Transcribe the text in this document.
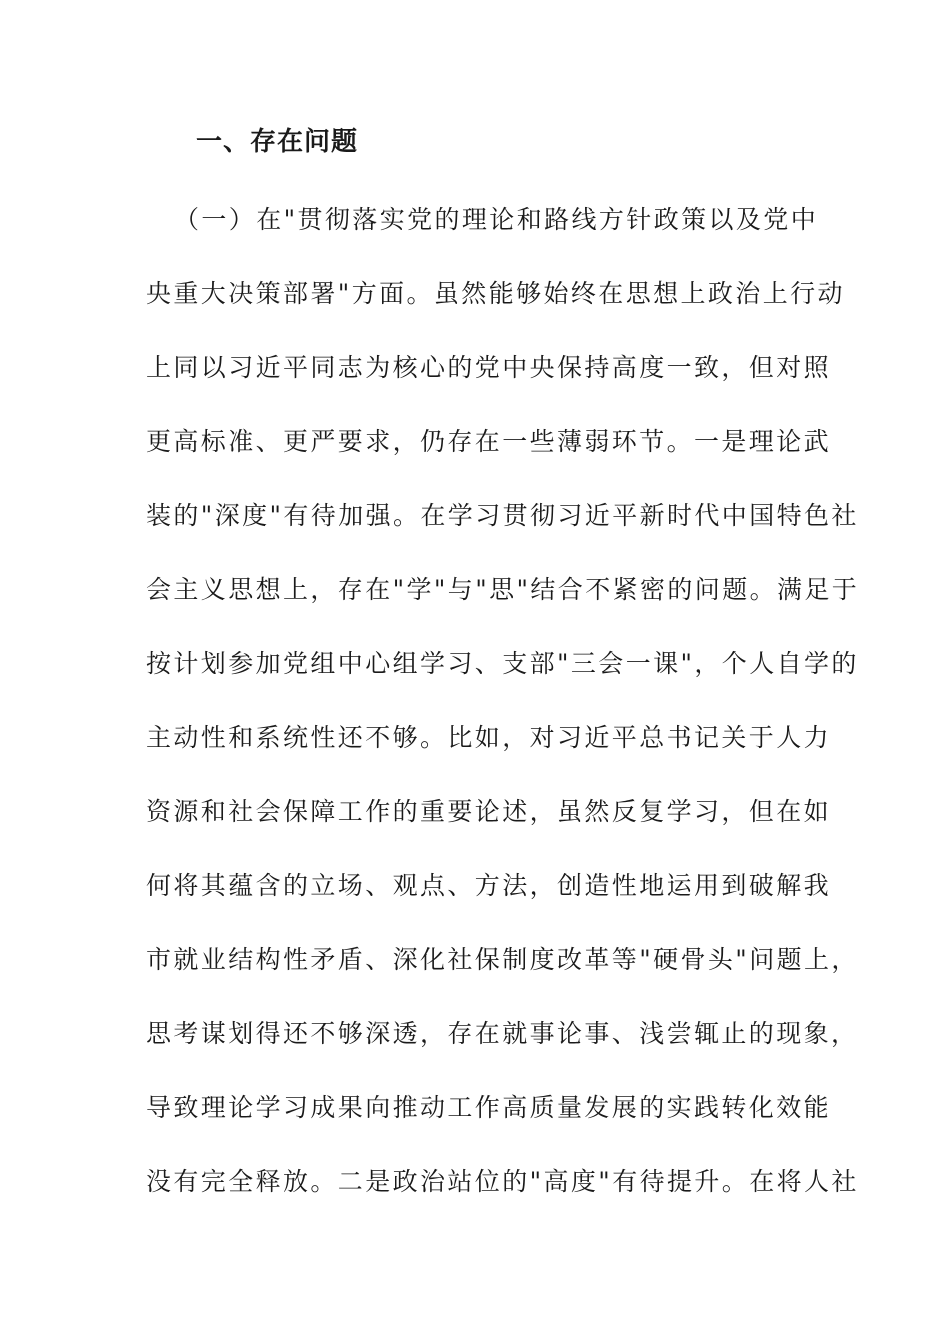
一、存在问题
（一）在"贯彻落实党的理论和路线方针政策以及党中
央重大决策部署"方面。虽然能够始终在思想上政治上行动
上同以习近平同志为核心的党中央保持高度一致，但对照
更高标准、更严要求，仍存在一些薄弱环节。一是理论武
装的"深度"有待加强。在学习贯彻习近平新时代中国特色社
会主义思想上，存在"学"与"思"结合不紧密的问题。满足于
按计划参加党组中心组学习、支部"三会一课"，个人自学的
主动性和系统性还不够。比如，对习近平总书记关于人力
资源和社会保障工作的重要论述，虽然反复学习，但在如
何将其蕴含的立场、观点、方法，创造性地运用到破解我
市就业结构性矛盾、深化社保制度改革等"硬骨头"问题上，
思考谋划得还不够深透，存在就事论事、浅尝辄止的现象，
导致理论学习成果向推动工作高质量发展的实践转化效能
没有完全释放。二是政治站位的"高度"有待提升。在将人社
